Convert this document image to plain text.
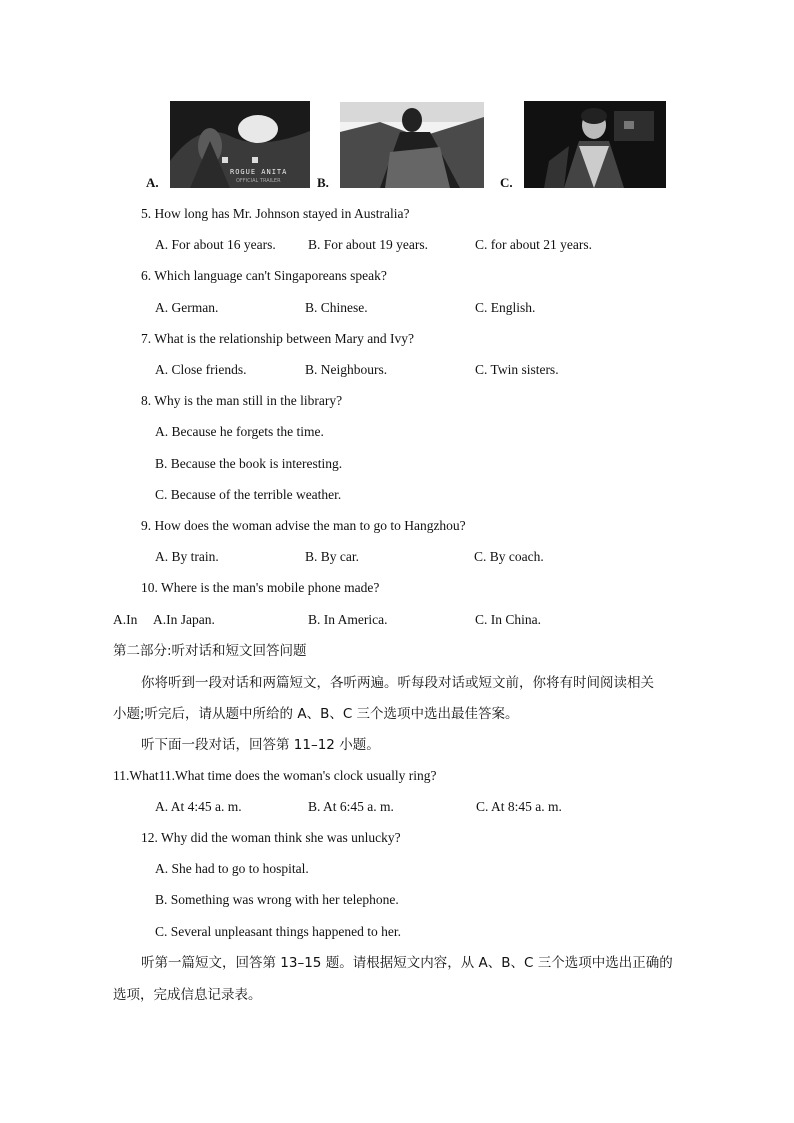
A.
ROGUE ANITA
OFFICIAL TRAILER	B.	C.
5. How long has Mr. Johnson stayed in Australia?
A. For about 16 years. B. For about 19 years.	C. for about 21 years.
6. Which language can't Singaporeans speak?
A. German.	B. Chinese.	C. English.
7. What is the relationship between Mary and Ivy?
A. Close friends.	B. Neighbours.	C. Twin sisters.
8. Why is the man still in the library?
A. Because he forgets the time.
B. Because the book is interesting.
C. Because of the terrible weather.
9. How does the woman advise the man to go to Hangzhou?
A. By train.	B. By car.	C. By coach.
10. Where is the man's mobile phone made?
A.In A.In Japan.	B. In America.	C. In China.
第二部分:听对话和短文回答问题
你将听到一段对话和两篇短文，各听两遍。听每段对话或短文前，你将有时间阅读相关
小题;听完后，请从题中所给的 A、B、C 三个选项中选出最佳答案。
听下面一段对话，回答第 11–12 小题。
11.What11.What time does the woman's clock usually ring?
A. At 4:45 a. m.	B. At 6:45 a. m.	C. At 8:45 a. m.
12. Why did the woman think she was unlucky?
A. She had to go to hospital.
B. Something was wrong with her telephone.
C. Several unpleasant things happened to her.
听第一篇短文，回答第 13–15 题。请根据短文内容，从 A、B、C 三个选项中选出正确的
选项，完成信息记录表。
